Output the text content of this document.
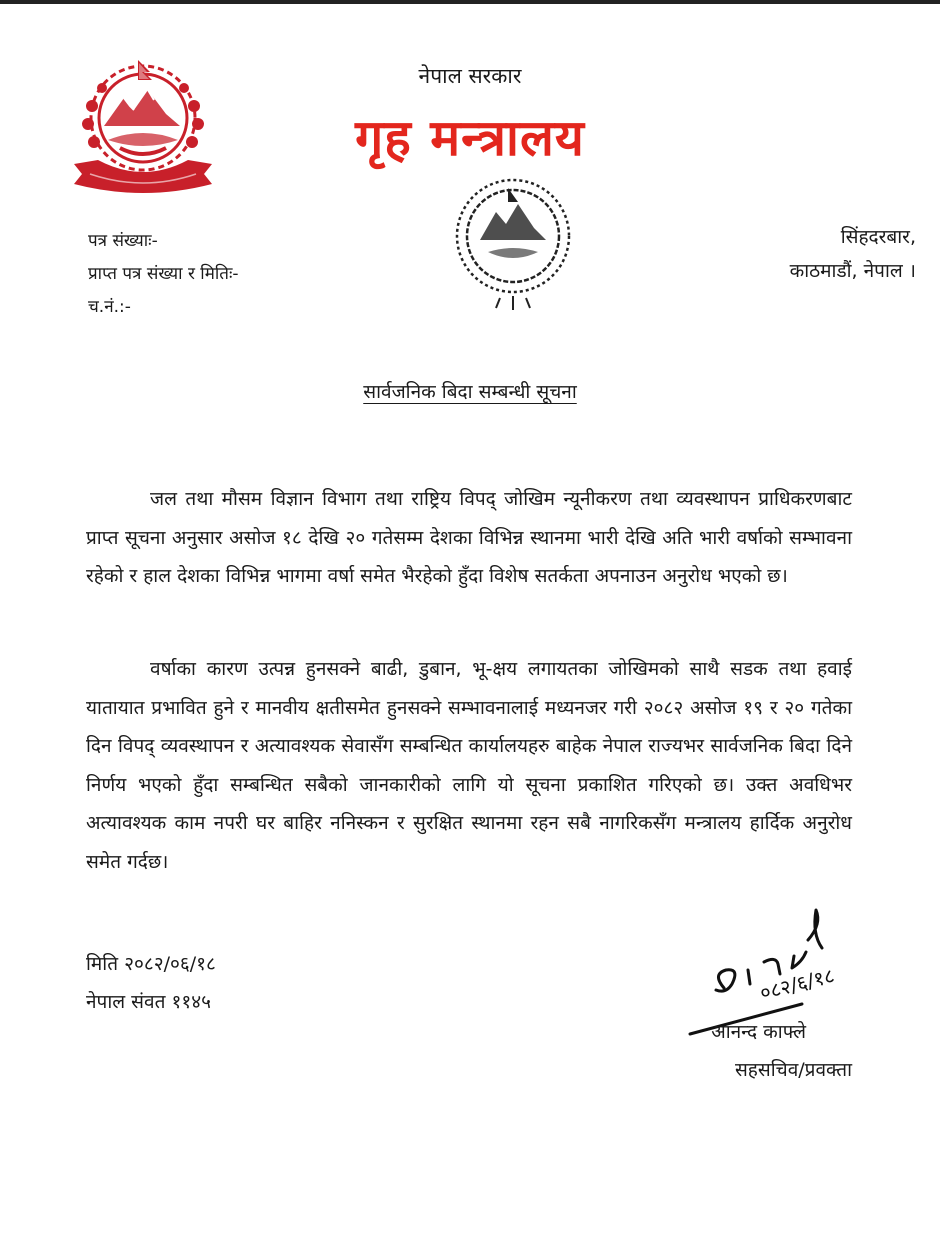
नेपाल सरकार
गृह मन्त्रालय
पत्र संख्याः-
प्राप्त पत्र संख्या र मितिः-
च.नं.:-
सिंहदरबार,
काठमाडौं, नेपाल ।
सार्वजनिक बिदा सम्बन्धी सूचना
जल तथा मौसम विज्ञान विभाग तथा राष्ट्रिय विपद् जोखिम न्यूनीकरण तथा व्यवस्थापन प्राधिकरणबाट प्राप्त सूचना अनुसार असोज १८ देखि २० गतेसम्म देशका विभिन्न स्थानमा भारी देखि अति भारी वर्षाको सम्भावना रहेको र हाल देशका विभिन्न भागमा वर्षा समेत भैरहेको हुँदा विशेष सतर्कता अपनाउन अनुरोध भएको छ।
वर्षाका कारण उत्पन्न हुनसक्ने बाढी, डुबान, भू-क्षय लगायतका जोखिमको साथै सडक तथा हवाई यातायात प्रभावित हुने र मानवीय क्षतीसमेत हुनसक्ने सम्भावनालाई मध्यनजर गरी २०८२ असोज १९ र २० गतेका दिन विपद् व्यवस्थापन र अत्यावश्यक सेवासँग सम्बन्धित कार्यालयहरु बाहेक नेपाल राज्यभर सार्वजनिक बिदा दिने निर्णय भएको हुँदा सम्बन्धित सबैको जानकारीको लागि यो सूचना प्रकाशित गरिएको छ। उक्त अवधिभर अत्यावश्यक काम नपरी घर बाहिर ननिस्कन र सुरक्षित स्थानमा रहन सबै नागरिकसँग मन्त्रालय हार्दिक अनुरोध समेत गर्दछ।
मिति २०८२/०६/१८
नेपाल संवत ११४५	०८२/६/१८
आनन्द काफ्ले
सहसचिव/प्रवक्ता
